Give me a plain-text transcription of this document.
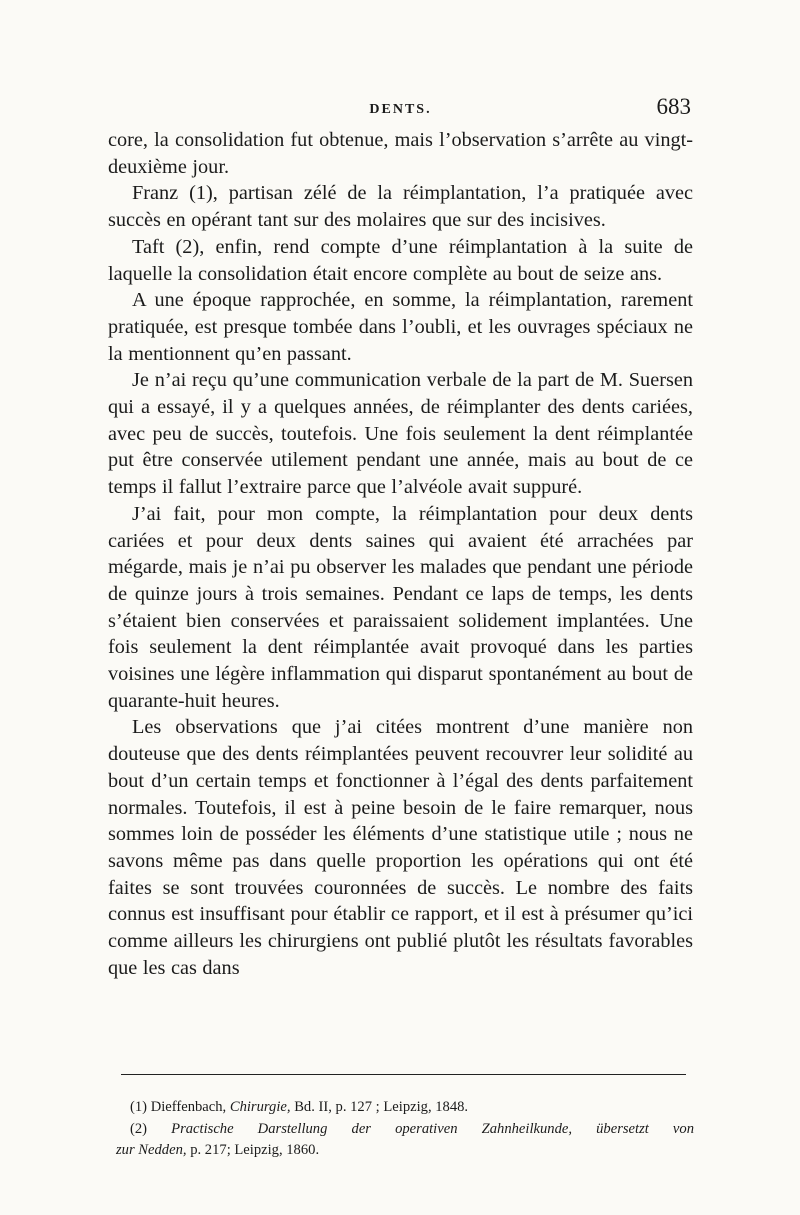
DENTS.	683

core, la consolidation fut obtenue, mais l’observation s’arrête au vingt-deuxième jour.

Franz (1), partisan zélé de la réimplantation, l’a pratiquée avec succès en opérant tant sur des molaires que sur des incisives.

Taft (2), enfin, rend compte d’une réimplantation à la suite de laquelle la consolidation était encore complète au bout de seize ans.

A une époque rapprochée, en somme, la réimplantation, rarement pratiquée, est presque tombée dans l’oubli, et les ouvrages spéciaux ne la mentionnent qu’en passant.

Je n’ai reçu qu’une communication verbale de la part de M. Suersen qui a essayé, il y a quelques années, de réimplanter des dents cariées, avec peu de succès, toutefois. Une fois seulement la dent réimplantée put être conservée utilement pendant une année, mais au bout de ce temps il fallut l’extraire parce que l’alvéole avait suppuré.

J’ai fait, pour mon compte, la réimplantation pour deux dents cariées et pour deux dents saines qui avaient été arrachées par mégarde, mais je n’ai pu observer les malades que pendant une période de quinze jours à trois semaines. Pendant ce laps de temps, les dents s’étaient bien conservées et paraissaient solidement implantées. Une fois seulement la dent réimplantée avait provoqué dans les parties voisines une légère inflammation qui disparut spontanément au bout de quarante-huit heures.

Les observations que j’ai citées montrent d’une manière non douteuse que des dents réimplantées peuvent recouvrer leur solidité au bout d’un certain temps et fonctionner à l’égal des dents parfaitement normales. Toutefois, il est à peine besoin de le faire remarquer, nous sommes loin de posséder les éléments d’une statistique utile ; nous ne savons même pas dans quelle proportion les opérations qui ont été faites se sont trouvées couronnées de succès. Le nombre des faits connus est insuffisant pour établir ce rapport, et il est à présumer qu’ici comme ailleurs les chirurgiens ont publié plutôt les résultats favorables que les cas dans

(1) Dieffenbach, Chirurgie, Bd. II, p. 127 ; Leipzig, 1848.

(2) Practische Darstellung der operativen Zahnheilkunde, übersetzt von

zur Nedden, p. 217; Leipzig, 1860.
